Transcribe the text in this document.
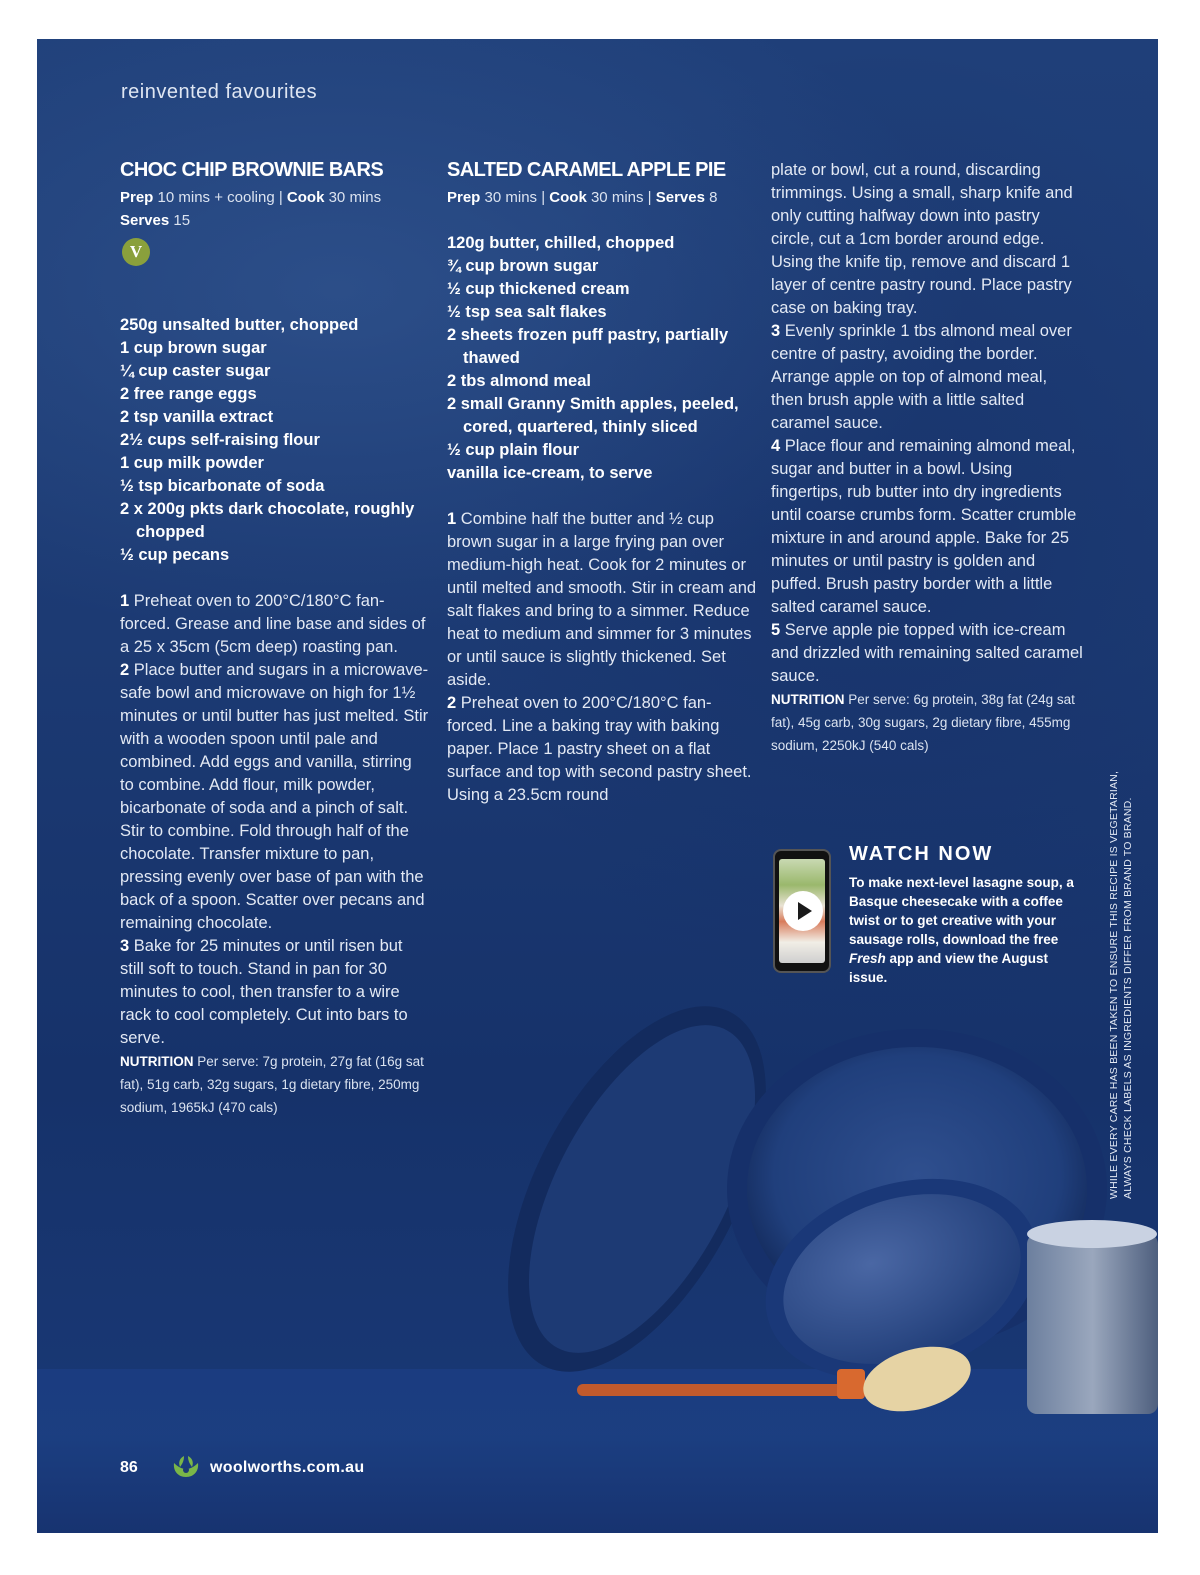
reinvented favourites
CHOC CHIP BROWNIE BARS
Prep 10 mins + cooling | Cook 30 mins
Serves 15
V
250g unsalted butter, chopped
1 cup brown sugar
¼ cup caster sugar
2 free range eggs
2 tsp vanilla extract
2½ cups self-raising flour
1 cup milk powder
½ tsp bicarbonate of soda
2 x 200g pkts dark chocolate, roughly chopped
½ cup pecans

1 Preheat oven to 200°C/180°C fan-forced. Grease and line base and sides of a 25 x 35cm (5cm deep) roasting pan.

2 Place butter and sugars in a microwave-safe bowl and microwave on high for 1½ minutes or until butter has just melted. Stir with a wooden spoon until pale and combined. Add eggs and vanilla, stirring to combine. Add flour, milk powder, bicarbonate of soda and a pinch of salt. Stir to combine. Fold through half of the chocolate. Transfer mixture to pan, pressing evenly over base of pan with the back of a spoon. Scatter over pecans and remaining chocolate.

3 Bake for 25 minutes or until risen but still soft to touch. Stand in pan for 30 minutes to cool, then transfer to a wire rack to cool completely. Cut into bars to serve.

NUTRITION Per serve: 7g protein, 27g fat (16g sat fat), 51g carb, 32g sugars, 1g dietary fibre, 250mg sodium, 1965kJ (470 cals)

SALTED CARAMEL APPLE PIE
Prep 30 mins | Cook 30 mins | Serves 8
120g butter, chilled, chopped
¾ cup brown sugar
½ cup thickened cream
½ tsp sea salt flakes
2 sheets frozen puff pastry, partially thawed
2 tbs almond meal
2 small Granny Smith apples, peeled, cored, quartered, thinly sliced
½ cup plain flour
vanilla ice-cream, to serve

1 Combine half the butter and ½ cup brown sugar in a large frying pan over medium-high heat. Cook for 2 minutes or until melted and smooth. Stir in cream and salt flakes and bring to a simmer. Reduce heat to medium and simmer for 3 minutes or until sauce is slightly thickened. Set aside.

2 Preheat oven to 200°C/180°C fan-forced. Line a baking tray with baking paper. Place 1 pastry sheet on a flat surface and top with second pastry sheet. Using a 23.5cm round

plate or bowl, cut a round, discarding trimmings. Using a small, sharp knife and only cutting halfway down into pastry circle, cut a 1cm border around edge. Using the knife tip, remove and discard 1 layer of centre pastry round. Place pastry case on baking tray.

3 Evenly sprinkle 1 tbs almond meal over centre of pastry, avoiding the border. Arrange apple on top of almond meal, then brush apple with a little salted caramel sauce.

4 Place flour and remaining almond meal, sugar and butter in a bowl. Using fingertips, rub butter into dry ingredients until coarse crumbs form. Scatter crumble mixture in and around apple. Bake for 25 minutes or until pastry is golden and puffed. Brush pastry border with a little salted caramel sauce.

5 Serve apple pie topped with ice-cream and drizzled with remaining salted caramel sauce.

NUTRITION Per serve: 6g protein, 38g fat (24g sat fat), 45g carb, 30g sugars, 2g dietary fibre, 455mg sodium, 2250kJ (540 cals)

WATCH NOW
To make next-level lasagne soup, a Basque cheesecake with a coffee twist or to get creative with your sausage rolls, download the free Fresh app and view the August issue.	WHILE EVERY CARE HAS BEEN TAKEN TO ENSURE THIS RECIPE IS VEGETARIAN, ALWAYS CHECK LABELS AS INGREDIENTS DIFFER FROM BRAND TO BRAND.
86	woolworths.com.au
